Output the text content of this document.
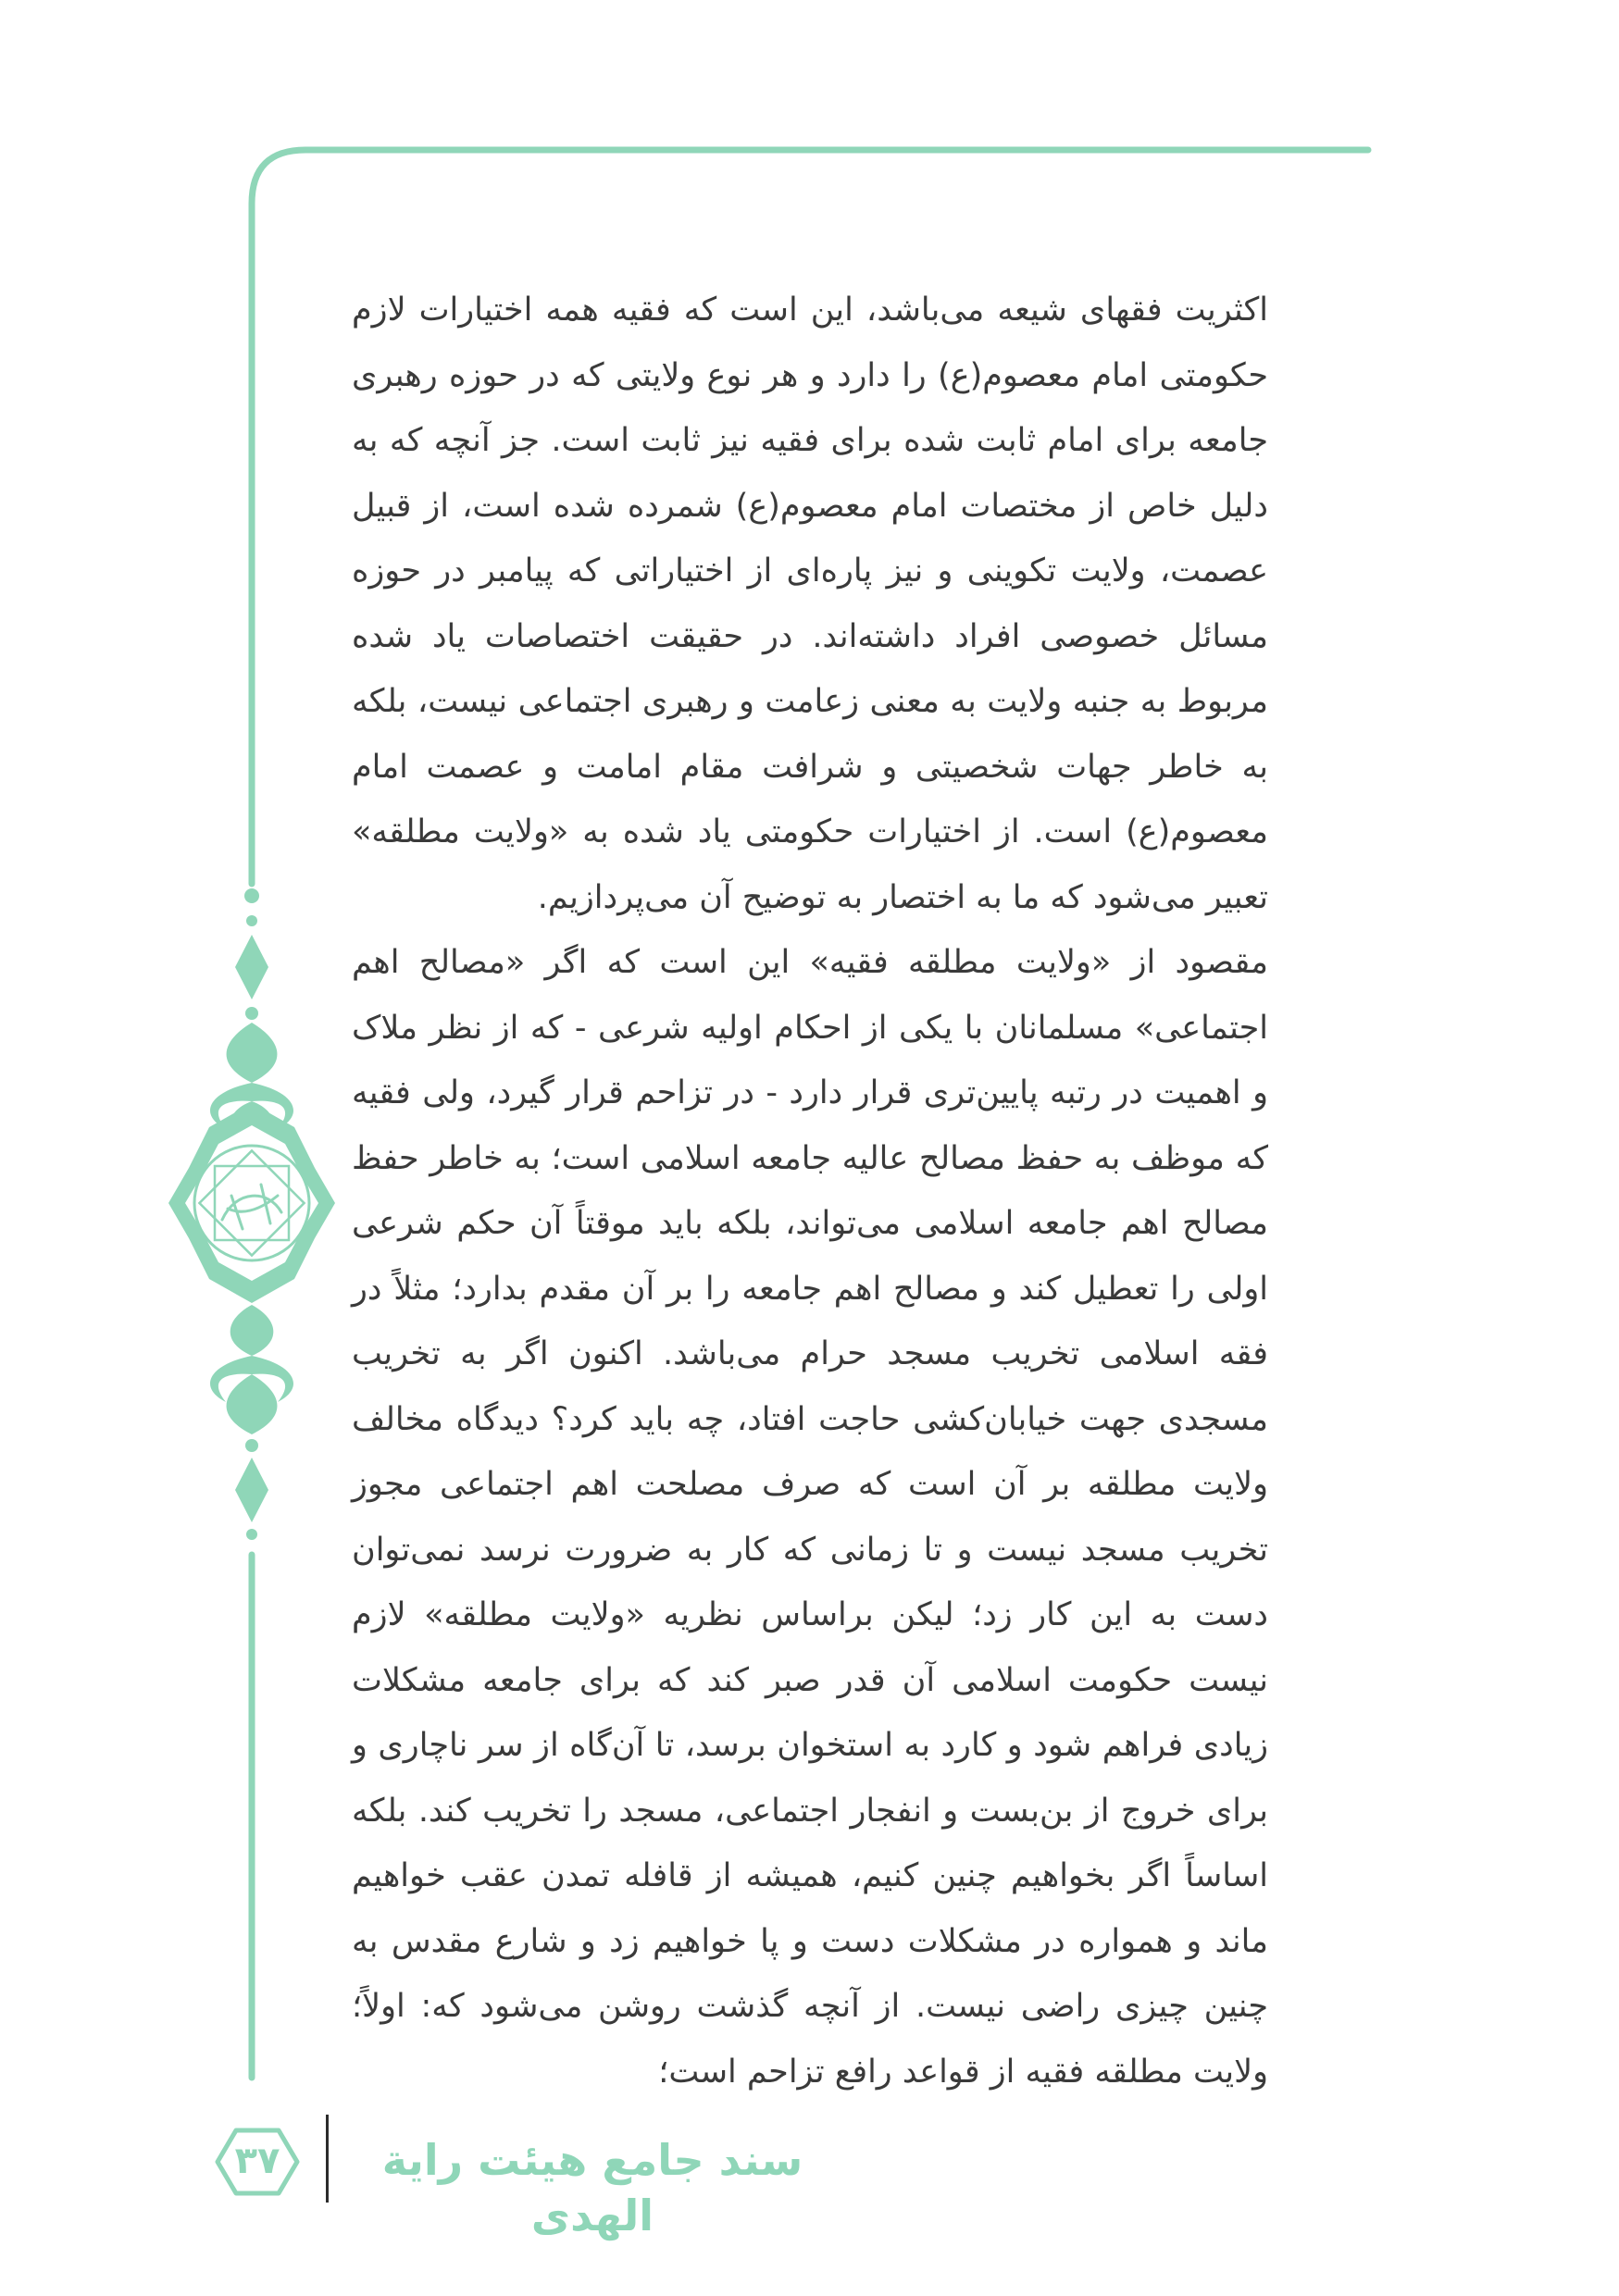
اکثریت فقهای شیعه می‌باشد، این است که فقیه همه اختیارات لازم حکومتی امام معصوم(ع) را دارد و هر نوع ولایتی که در حوزه رهبری جامعه برای امام ثابت شده برای فقیه نیز ثابت است. جز آنچه که به دلیل خاص از مختصات امام معصوم(ع) شمرده شده است، از قبیل عصمت، ولایت تکوینی و نیز پاره‌ای از اختیاراتی که پیامبر در حوزه مسائل خصوصی افراد داشته‌اند. در حقیقت اختصاصات یاد شده مربوط به جنبه ولایت به معنی زعامت و رهبری اجتماعی نیست، بلکه به خاطر جهات شخصیتی و شرافت مقام امامت و عصمت امام معصوم(ع) است. از اختیارات حکومتی یاد شده به «ولایت مطلقه» تعبیر می‌شود که ما به اختصار به توضیح آن می‌پردازیم.

مقصود از «ولایت مطلقه فقیه» این است که اگر «مصالح اهم اجتماعی» مسلمانان با یکی از احکام اولیه شرعی - که از نظر ملاک و اهمیت در رتبه پایین‌تری قرار دارد - در تزاحم قرار گیرد، ولی فقیه که موظف به حفظ مصالح عالیه جامعه اسلامی است؛ به خاطر حفظ مصالح اهم جامعه اسلامی می‌تواند، بلکه باید موقتاً آن حکم شرعی اولی را تعطیل کند و مصالح اهم جامعه را بر آن مقدم بدارد؛ مثلاً در فقه اسلامی تخریب مسجد حرام می‌باشد. اکنون اگر به تخریب مسجدی جهت خیابان‌کشی حاجت افتاد، چه باید کرد؟ دیدگاه مخالف ولایت مطلقه بر آن است که صرف مصلحت اهم اجتماعی مجوز تخریب مسجد نیست و تا زمانی که کار به ضرورت نرسد نمی‌توان دست به این کار زد؛ لیکن براساس نظریه «ولایت مطلقه» لازم نیست حکومت اسلامی آن قدر صبر کند که برای جامعه مشکلات زیادی فراهم شود و کارد به استخوان برسد، تا آن‌گاه از سر ناچاری و برای خروج از بن‌بست و انفجار اجتماعی، مسجد را تخریب کند. بلکه اساساً اگر بخواهیم چنین کنیم، همیشه از قافله تمدن عقب خواهیم ماند و همواره در مشکلات دست و پا خواهیم زد و شارع مقدس به چنین چیزی راضی نیست. از آنچه گذشت روشن می‌شود که: اولاً؛ ولایت مطلقه فقیه از قواعد رافع تزاحم است؛

سند جامع هیئت رایة الهدی
۳۷
